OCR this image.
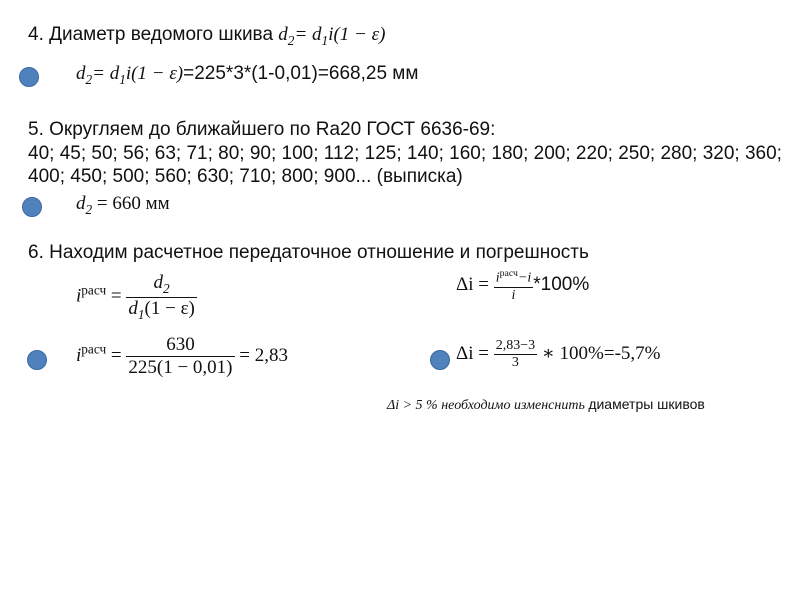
4. Диаметр ведомого шкива $d_2= d_1i(1 - \varepsilon)$
$d_2= d_1i(1 - \varepsilon)=225*3*(1-0,01)=668,25$ мм
5. Округляем до ближайшего по Ra20 ГОСТ 6636-69:
40; 45; 50; 56; 63; 71; 80; 90; 100; 112; 125; 140; 160; 180; 200; 220; 250; 280; 320; 360;
400; 450; 500; 560; 630; 710; 800; 900... (выписка)
$d_2 = 660$ мм
6. Находим расчетное передаточное отношение и погрешность
$i^{расч} = \frac{d_2}{d_1(1 - \varepsilon)}$	$\Delta i = \frac{i^{расч}-i}{i} *100\%$
$i^{расч} = \frac{630}{225(1 - 0,01)} = 2,83$	$\Delta i = \frac{2,83-3}{3}$ ∗ 100%=-5,7%
Δi > 5 % необходимо изменснить диаметры шкивов
